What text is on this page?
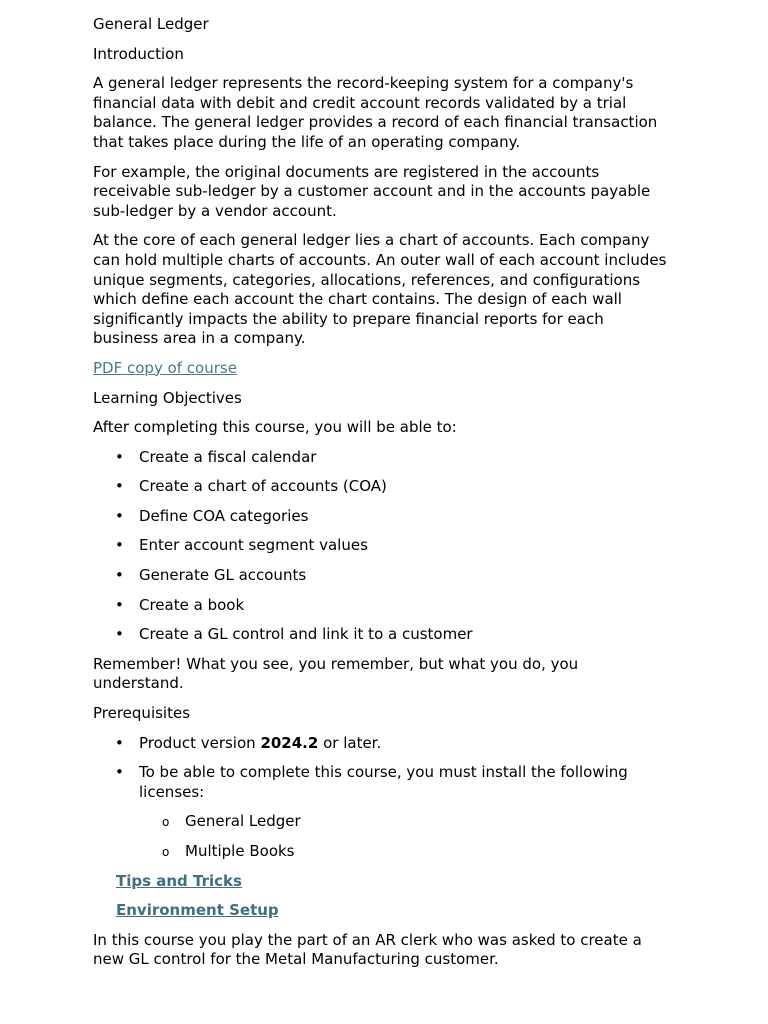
General Ledger

Introduction

A general ledger represents the record-keeping system for a company's financial data with debit and credit account records validated by a trial balance. The general ledger provides a record of each financial transaction that takes place during the life of an operating company.

For example, the original documents are registered in the accounts receivable sub-ledger by a customer account and in the accounts payable sub-ledger by a vendor account.

At the core of each general ledger lies a chart of accounts. Each company can hold multiple charts of accounts. An outer wall of each account includes unique segments, categories, allocations, references, and configurations which define each account the chart contains. The design of each wall significantly impacts the ability to prepare financial reports for each business area in a company.

PDF copy of course

Learning Objectives

After completing this course, you will be able to:

• Create a fiscal calendar
• Create a chart of accounts (COA)
• Define COA categories
• Enter account segment values
• Generate GL accounts
• Create a book
• Create a GL control and link it to a customer

Remember! What you see, you remember, but what you do, you understand.

Prerequisites

• Product version 2024.2 or later.
• To be able to complete this course, you must install the following licenses:
o General Ledger
o Multiple Books

Tips and Tricks

Environment Setup

In this course you play the part of an AR clerk who was asked to create a new GL control for the Metal Manufacturing customer.
